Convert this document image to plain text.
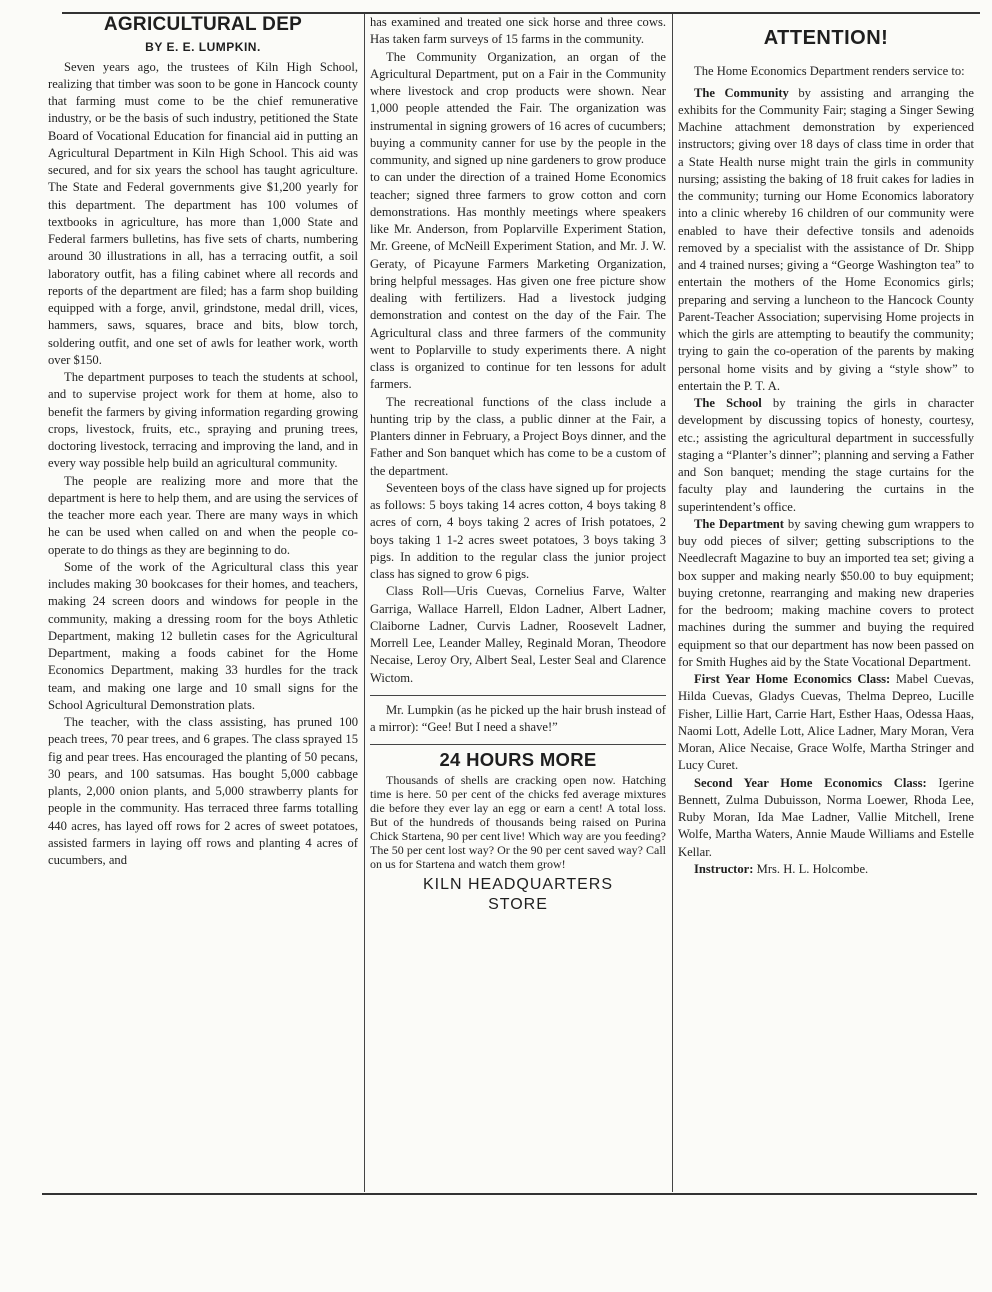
AGRICULTURAL DEP
BY E. E. LUMPKIN.

Seven years ago, the trustees of Kiln High School, realizing that timber was soon to be gone in Hancock county that farming must come to be the chief remunerative industry, or be the basis of such industry, petitioned the State Board of Vocational Education for financial aid in putting an Agricultural Department in Kiln High School. This aid was secured, and for six years the school has taught agriculture. The State and Federal governments give $1,200 yearly for this department. The department has 100 volumes of textbooks in agriculture, has more than 1,000 State and Federal farmers bulletins, has five sets of charts, numbering around 30 illustrations in all, has a terracing outfit, a soil laboratory outfit, has a filing cabinet where all records and reports of the department are filed; has a farm shop building equipped with a forge, anvil, grindstone, medal drill, vices, hammers, saws, squares, brace and bits, blow torch, soldering outfit, and one set of awls for leather work, worth over $150.

The department purposes to teach the students at school, and to supervise project work for them at home, also to benefit the farmers by giving information regarding growing crops, livestock, fruits, etc., spraying and pruning trees, doctoring livestock, terracing and improving the land, and in every way possible help build an agricultural community.

The people are realizing more and more that the department is here to help them, and are using the services of the teacher more each year. There are many ways in which he can be used when called on and when the people co-operate to do things as they are beginning to do.

Some of the work of the Agricultural class this year includes making 30 bookcases for their homes, and teachers, making 24 screen doors and windows for people in the community, making a dressing room for the boys Athletic Department, making 12 bulletin cases for the Agricultural Department, making a foods cabinet for the Home Economics Department, making 33 hurdles for the track team, and making one large and 10 small signs for the School Agricultural Demonstration plats.

The teacher, with the class assisting, has pruned 100 peach trees, 70 pear trees, and 6 grapes. The class sprayed 15 fig and pear trees. Has encouraged the planting of 50 pecans, 30 pears, and 100 satsumas. Has bought 5,000 cabbage plants, 2,000 onion plants, and 5,000 strawberry plants for people in the community. Has terraced three farms totalling 440 acres, has layed off rows for 2 acres of sweet potatoes, assisted farmers in laying off rows and planting 4 acres of cucumbers, and

has examined and treated one sick horse and three cows. Has taken farm surveys of 15 farms in the community.

The Community Organization, an organ of the Agricultural Department, put on a Fair in the Community where livestock and crop products were shown. Near 1,000 people attended the Fair. The organization was instrumental in signing growers of 16 acres of cucumbers; buying a community canner for use by the people in the community, and signed up nine gardeners to grow produce to can under the direction of a trained Home Economics teacher; signed three farmers to grow cotton and corn demonstrations. Has monthly meetings where speakers like Mr. Anderson, from Poplarville Experiment Station, Mr. Greene, of McNeill Experiment Station, and Mr. J. W. Geraty, of Picayune Farmers Marketing Organization, bring helpful messages. Has given one free picture show dealing with fertilizers. Had a livestock judging demonstration and contest on the day of the Fair. The Agricultural class and three farmers of the community went to Poplarville to study experiments there. A night class is organized to continue for ten lessons for adult farmers.

The recreational functions of the class include a hunting trip by the class, a public dinner at the Fair, a Planters dinner in February, a Project Boys dinner, and the Father and Son banquet which has come to be a custom of the department.

Seventeen boys of the class have signed up for projects as follows: 5 boys taking 14 acres cotton, 4 boys taking 8 acres of corn, 4 boys taking 2 acres of Irish potatoes, 2 boys taking 1 1-2 acres sweet potatoes, 3 boys taking 3 pigs. In addition to the regular class the junior project class has signed to grow 6 pigs.

Class Roll—Uris Cuevas, Cornelius Farve, Walter Garriga, Wallace Harrell, Eldon Ladner, Albert Ladner, Claiborne Ladner, Curvis Ladner, Roosevelt Ladner, Morrell Lee, Leander Malley, Reginald Moran, Theodore Necaise, Leroy Ory, Albert Seal, Lester Seal and Clarence Wictom.

Mr. Lumpkin (as he picked up the hair brush instead of a mirror): “Gee! But I need a shave!”

24 HOURS MORE

Thousands of shells are cracking open now. Hatching time is here. 50 per cent of the chicks fed average mixtures die before they ever lay an egg or earn a cent! A total loss. But of the hundreds of thousands being raised on Purina Chick Startena, 90 per cent live! Which way are you feeding? The 50 per cent lost way? Or the 90 per cent saved way? Call on us for Startena and watch them grow!

KILN HEADQUARTERS
STORE
ATTENTION!

The Home Economics Department renders service to:

The Community by assisting and arranging the exhibits for the Community Fair; staging a Singer Sewing Machine attachment demonstration by experienced instructors; giving over 18 days of class time in order that a State Health nurse might train the girls in community nursing; assisting the baking of 18 fruit cakes for ladies in the community; turning our Home Economics laboratory into a clinic whereby 16 children of our community were enabled to have their defective tonsils and adenoids removed by a specialist with the assistance of Dr. Shipp and 4 trained nurses; giving a “George Washington tea” to entertain the mothers of the Home Economics girls; preparing and serving a luncheon to the Hancock County Parent-Teacher Association; supervising Home projects in which the girls are attempting to beautify the community; trying to gain the co-operation of the parents by making personal home visits and by giving a “style show” to entertain the P. T. A.

The School by training the girls in character development by discussing topics of honesty, courtesy, etc.; assisting the agricultural department in successfully staging a “Planter’s dinner”; planning and serving a Father and Son banquet; mending the stage curtains for the faculty play and laundering the curtains in the superintendent’s office.

The Department by saving chewing gum wrappers to buy odd pieces of silver; getting subscriptions to the Needlecraft Magazine to buy an imported tea set; giving a box supper and making nearly $50.00 to buy equipment; buying cretonne, rearranging and making new draperies for the bedroom; making machine covers to protect machines during the summer and buying the required equipment so that our department has now been passed on for Smith Hughes aid by the State Vocational Department.

First Year Home Economics Class: Mabel Cuevas, Hilda Cuevas, Gladys Cuevas, Thelma Depreo, Lucille Fisher, Lillie Hart, Carrie Hart, Esther Haas, Odessa Haas, Naomi Lott, Adelle Lott, Alice Ladner, Mary Moran, Vera Moran, Alice Necaise, Grace Wolfe, Martha Stringer and Lucy Curet.

Second Year Home Economics Class: Igerine Bennett, Zulma Dubuisson, Norma Loewer, Rhoda Lee, Ruby Moran, Ida Mae Ladner, Vallie Mitchell, Irene Wolfe, Martha Waters, Annie Maude Williams and Estelle Kellar.

Instructor: Mrs. H. L. Holcombe.
